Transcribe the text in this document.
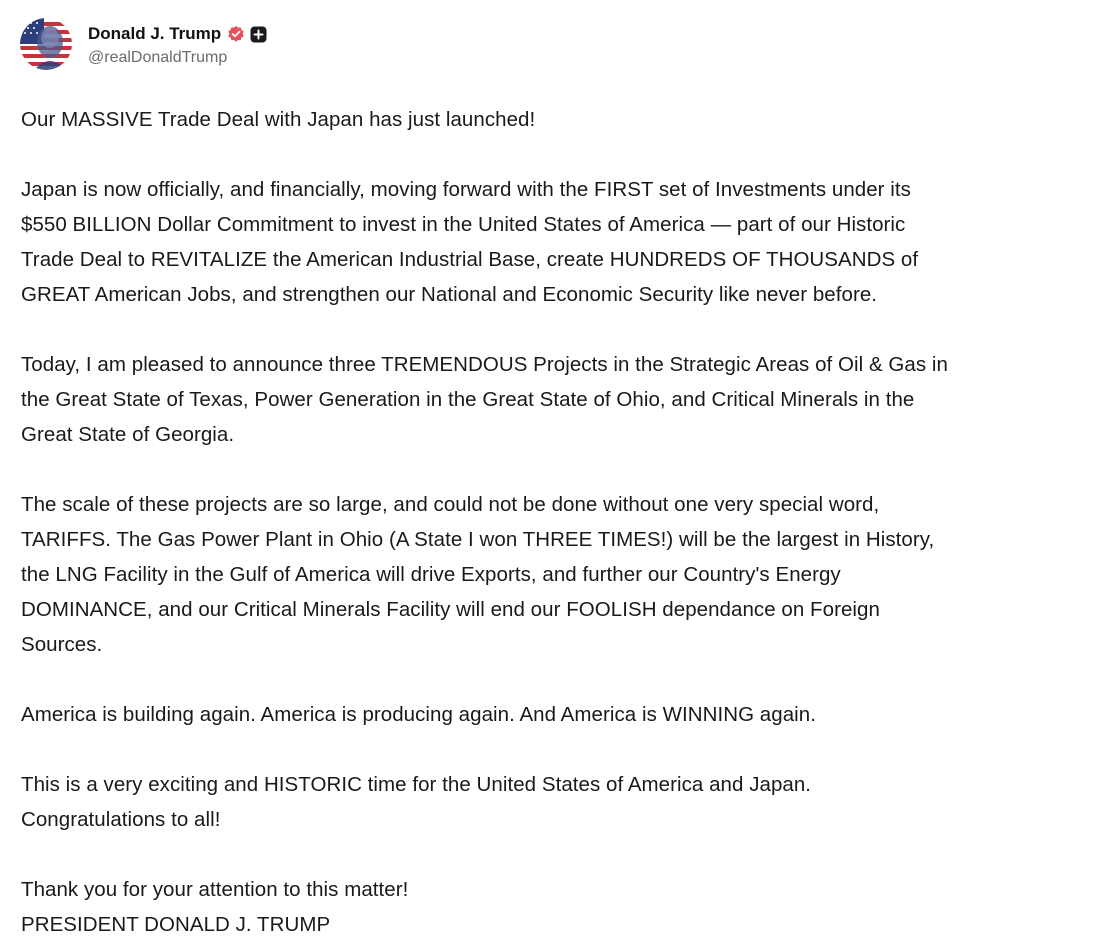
Donald J. Trump
@realDonaldTrump
Our MASSIVE Trade Deal with Japan has just launched!
Japan is now officially, and financially, moving forward with the FIRST set of Investments under its
$550 BILLION Dollar Commitment to invest in the United States of America — part of our Historic
Trade Deal to REVITALIZE the American Industrial Base, create HUNDREDS OF THOUSANDS of
GREAT American Jobs, and strengthen our National and Economic Security like never before.
Today, I am pleased to announce three TREMENDOUS Projects in the Strategic Areas of Oil & Gas in
the Great State of Texas, Power Generation in the Great State of Ohio, and Critical Minerals in the
Great State of Georgia.
The scale of these projects are so large, and could not be done without one very special word,
TARIFFS. The Gas Power Plant in Ohio (A State I won THREE TIMES!) will be the largest in History,
the LNG Facility in the Gulf of America will drive Exports, and further our Country's Energy
DOMINANCE, and our Critical Minerals Facility will end our FOOLISH dependance on Foreign
Sources.
America is building again. America is producing again. And America is WINNING again.
This is a very exciting and HISTORIC time for the United States of America and Japan.
Congratulations to all!
Thank you for your attention to this matter!
PRESIDENT DONALD J. TRUMP
